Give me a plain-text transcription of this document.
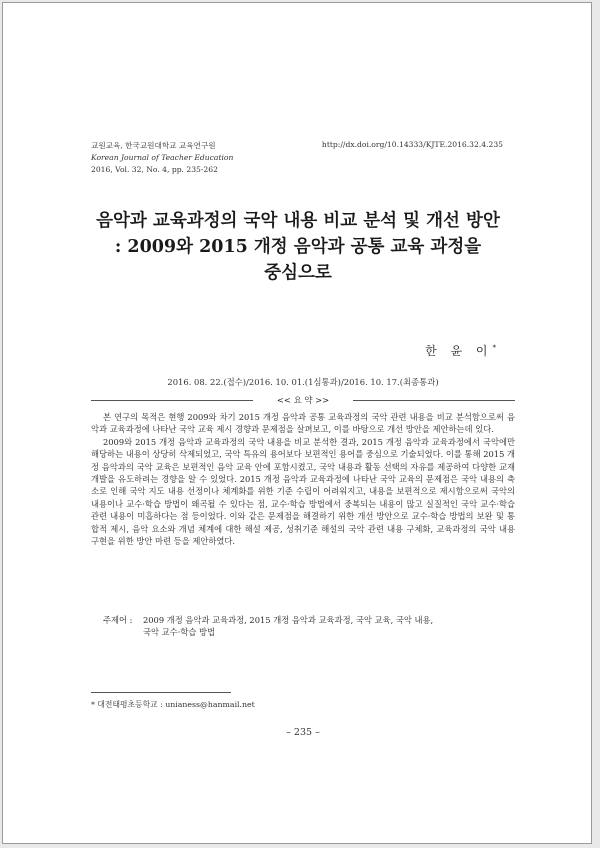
교원교육, 한국교원대학교 교육연구원
Korean Journal of Teacher Education
2016, Vol. 32, No. 4, pp. 235-262
http://dx.doi.org/10.14333/KJTE.2016.32.4.235
음악과 교육과정의 국악 내용 비교 분석 및 개선 방안
: 2009와 2015 개정 음악과 공통 교육 과정을
중심으로
한 윤 이*
2016. 08. 22.(접수)/2016. 10. 01.(1심통과)/2016. 10. 17.(최종통과)
<< 요 약 >>

본 연구의 목적은 현행 2009와 차기 2015 개정 음악과 공통 교육과정의 국악 관련 내용을 비교 분석함으로써 음악과 교육과정에 나타난 국악 교육 제시 경향과 문제점을 살펴보고, 이를 바탕으로 개선 방안을 제안하는데 있다.

2009와 2015 개정 음악과 교육과정의 국악 내용을 비교 분석한 결과, 2015 개정 음악과 교육과정에서 국악에만 해당하는 내용이 상당히 삭제되었고, 국악 특유의 용어보다 보편적인 용어를 중심으로 기술되었다. 이를 통해 2015 개정 음악과의 국악 교육은 보편적인 음악 교육 안에 포함시켰고, 국악 내용과 활동 선택의 자유를 제공하여 다양한 교재 개발을 유도하려는 경향을 알 수 있었다. 2015 개정 음악과 교육과정에 나타난 국악 교육의 문제점은 국악 내용의 축소로 인해 국악 지도 내용 선정이나 체계화를 위한 기준 수립이 어려워지고, 내용을 보편적으로 제시함으로써 국악의 내용이나 교수·학습 방법이 왜곡될 수 있다는 점, 교수·학습 방법에서 중복되는 내용이 많고 실질적인 국악 교수·학습 관련 내용이 미흡하다는 점 등이었다. 이와 같은 문제점을 해결하기 위한 개선 방안으로 교수·학습 방법의 보완 및 통합적 제시, 음악 요소와 개념 체계에 대한 해설 제공, 성취기준 해설의 국악 관련 내용 구체화, 교육과정의 국악 내용 구현을 위한 방안 마련 등을 제안하였다.

주제어 : 2009 개정 음악과 교육과정, 2015 개정 음악과 교육과정, 국악 교육, 국악 내용,
국악 교수·학습 방법
* 대전태평초등학교 : unianess@hanmail.net
– 235 –
